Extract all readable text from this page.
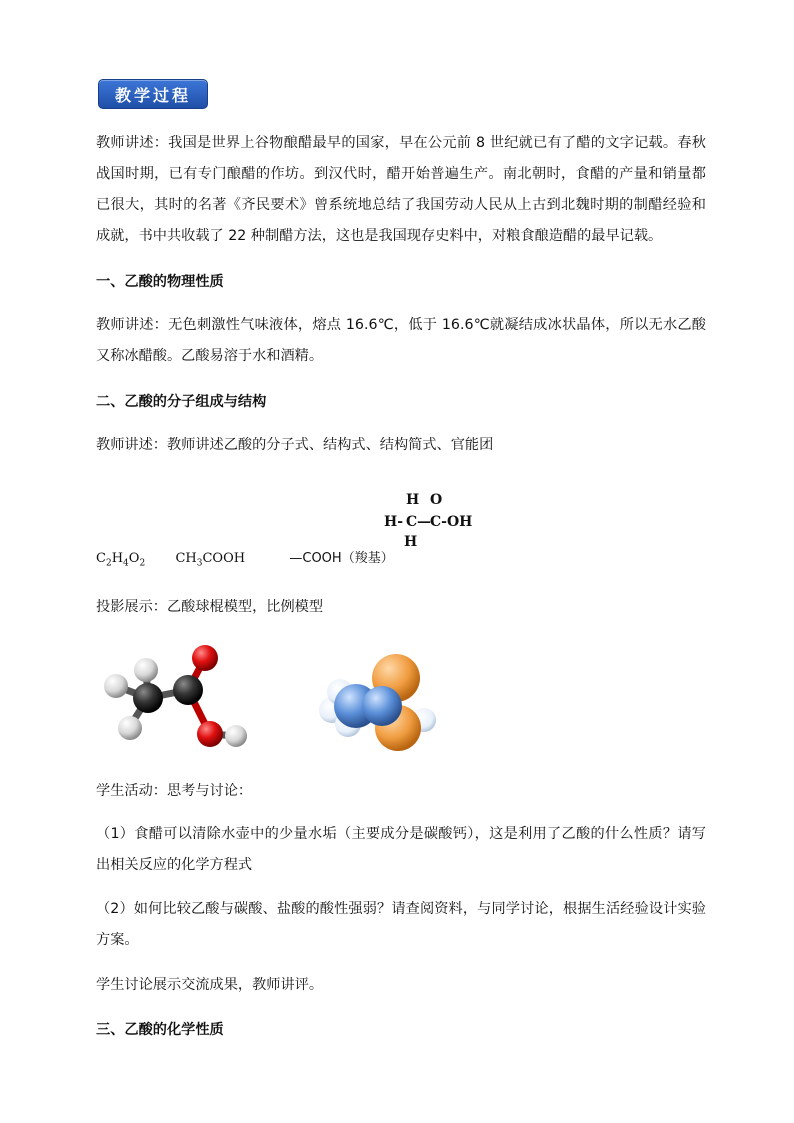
教学过程

教师讲述：我国是世界上谷物酿醋最早的国家，早在公元前 8 世纪就已有了醋的文字记载。春秋战国时期，已有专门酿醋的作坊。到汉代时，醋开始普遍生产。南北朝时，食醋的产量和销量都已很大，其时的名著《齐民要术》曾系统地总结了我国劳动人民从上古到北魏时期的制醋经验和成就，书中共收载了 22 种制醋方法，这也是我国现存史料中，对粮食酿造醋的最早记载。

一、乙酸的物理性质

教师讲述：无色刺激性气味液体，熔点 16.6℃，低于 16.6℃就凝结成冰状晶体，所以无水乙酸又称冰醋酸。乙酸易溶于水和酒精。

二、乙酸的分子组成与结构

教师讲述：教师讲述乙酸的分子式、结构式、结构简式、官能团

H O
H- C — C-OH
H
$C_2H_4O_2$ $CH_3COOH$	—COOH（羧基）

投影展示：乙酸球棍模型，比例模型

学生活动：思考与讨论：

（1）食醋可以清除水壶中的少量水垢（主要成分是碳酸钙），这是利用了乙酸的什么性质？请写出相关反应的化学方程式

（2）如何比较乙酸与碳酸、盐酸的酸性强弱？请查阅资料，与同学讨论，根据生活经验设计实验方案。

学生讨论展示交流成果，教师讲评。

三、乙酸的化学性质
